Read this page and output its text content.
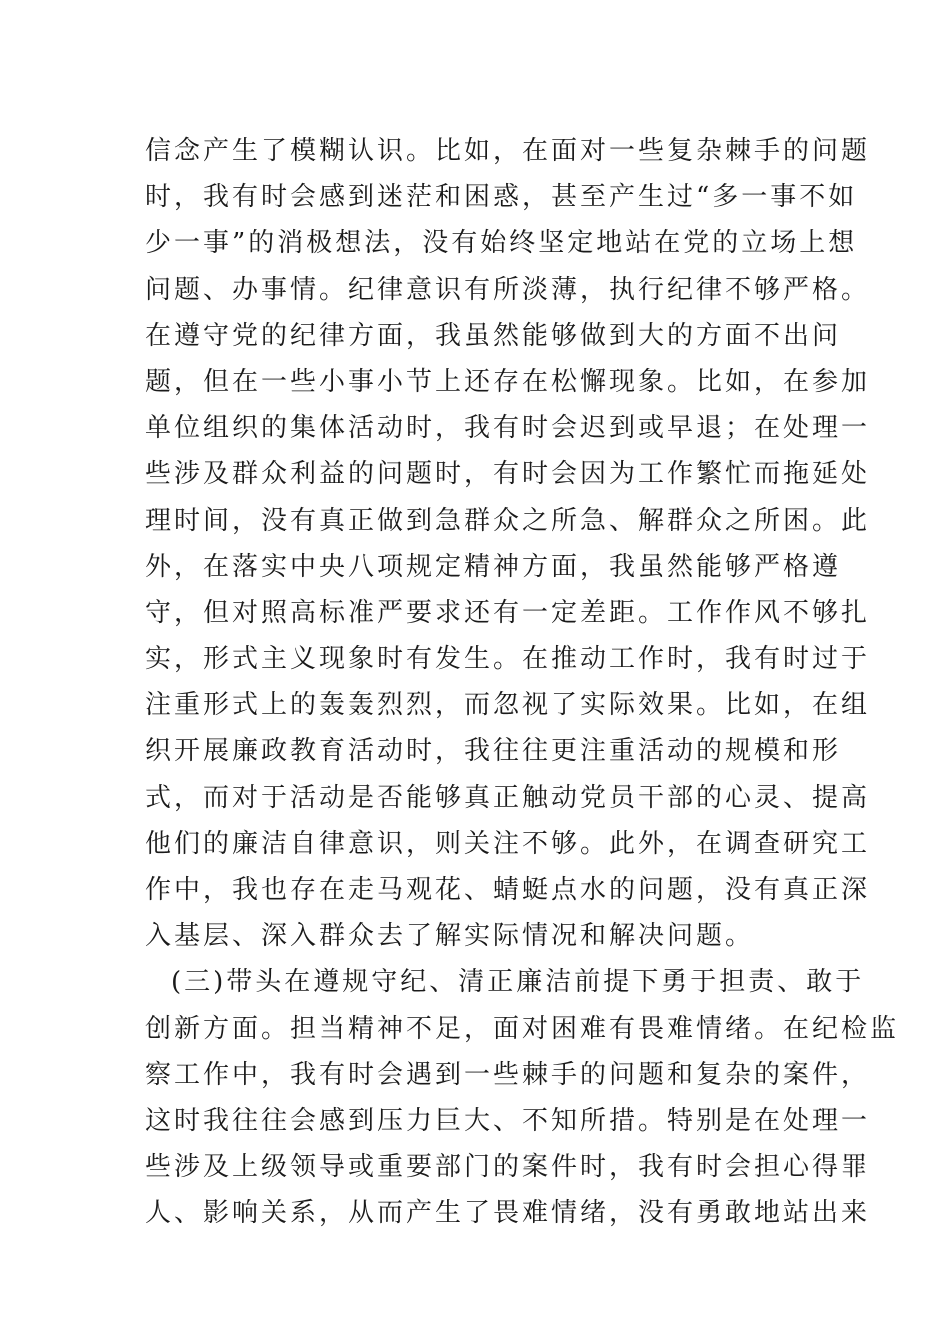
信念产生了模糊认识。比如，在面对一些复杂棘手的问题
时，我有时会感到迷茫和困惑，甚至产生过“多一事不如
少一事”的消极想法，没有始终坚定地站在党的立场上想
问题、办事情。纪律意识有所淡薄，执行纪律不够严格。
在遵守党的纪律方面，我虽然能够做到大的方面不出问
题，但在一些小事小节上还存在松懈现象。比如，在参加
单位组织的集体活动时，我有时会迟到或早退；在处理一
些涉及群众利益的问题时，有时会因为工作繁忙而拖延处
理时间，没有真正做到急群众之所急、解群众之所困。此
外，在落实中央八项规定精神方面，我虽然能够严格遵
守，但对照高标准严要求还有一定差距。工作作风不够扎
实，形式主义现象时有发生。在推动工作时，我有时过于
注重形式上的轰轰烈烈，而忽视了实际效果。比如，在组
织开展廉政教育活动时，我往往更注重活动的规模和形
式，而对于活动是否能够真正触动党员干部的心灵、提高
他们的廉洁自律意识，则关注不够。此外，在调查研究工
作中，我也存在走马观花、蜻蜓点水的问题，没有真正深
入基层、深入群众去了解实际情况和解决问题。
(三)带头在遵规守纪、清正廉洁前提下勇于担责、敢于
创新方面。担当精神不足，面对困难有畏难情绪。在纪检监
察工作中，我有时会遇到一些棘手的问题和复杂的案件，
这时我往往会感到压力巨大、不知所措。特别是在处理一
些涉及上级领导或重要部门的案件时，我有时会担心得罪
人、影响关系，从而产生了畏难情绪，没有勇敢地站出来
